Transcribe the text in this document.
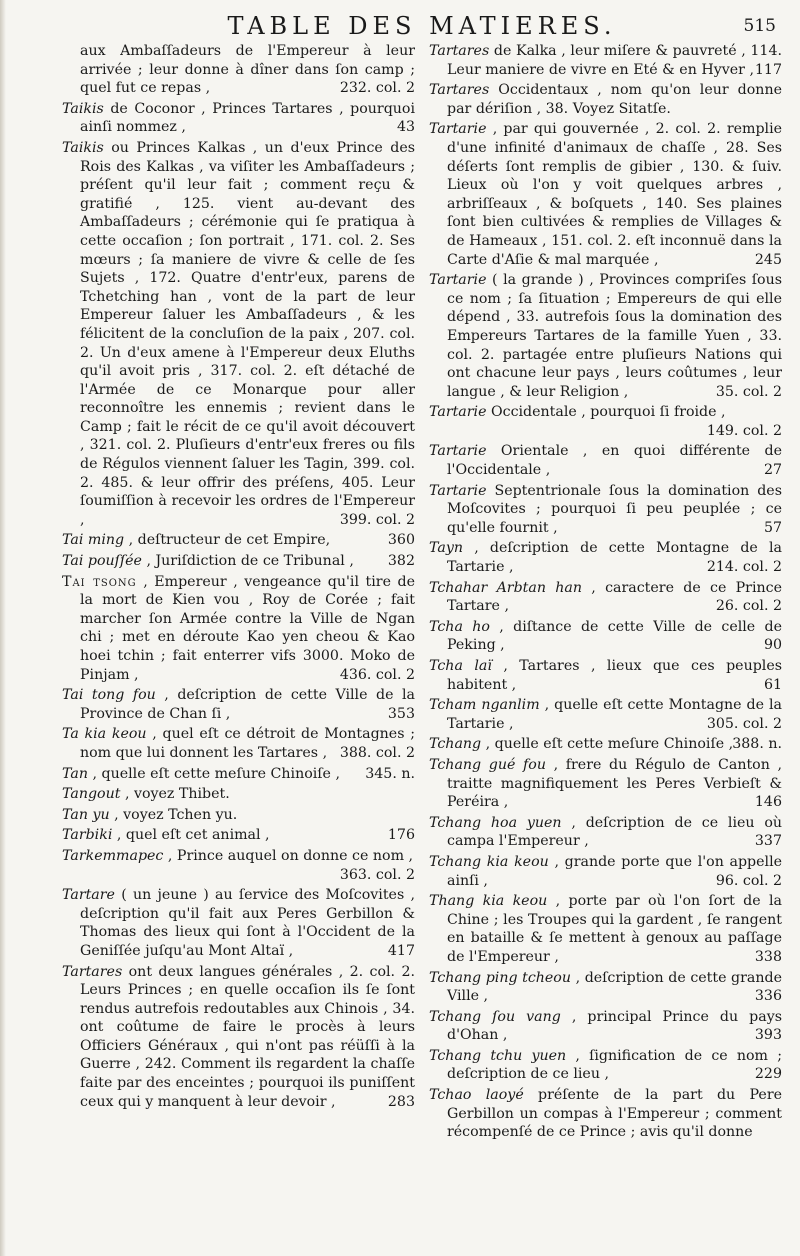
TABLE DES MATIERES.	515

aux Ambaſſadeurs de l'Empereur à leur arrivée ; leur donne à dîner dans ſon camp ; quel fut ce repas ,	232. col. 2

Taikis de Coconor , Princes Tartares , pourquoi ainſi nommez ,	43

Taikis ou Princes Kalkas , un d'eux Prince des Rois des Kalkas , va viſiter les Ambaſſadeurs ; préſent qu'il leur fait ; comment reçu & gratifié , 125. vient au-devant des Ambaſſadeurs ; cérémonie qui ſe pratiqua à cette occaſion ; ſon portrait , 171. col. 2. Ses mœurs ; ſa maniere de vivre & celle de ſes Sujets , 172. Quatre d'entr'eux, parens de Tchetching han , vont de la part de leur Empereur ſaluer les Ambaſſadeurs , & les félicitent de la concluſion de la paix , 207. col. 2. Un d'eux amene à l'Empereur deux Eluths qu'il avoit pris , 317. col. 2. eſt détaché de l'Armée de ce Monarque pour aller reconnoître les ennemis ; revient dans le Camp ; fait le récit de ce qu'il avoit découvert , 321. col. 2. Pluſieurs d'entr'eux freres ou fils de Régulos viennent ſaluer les Tagin, 399. col. 2. 485. & leur offrir des préſens, 405. Leur ſoumiſſion à recevoir les ordres de l'Empereur ,	399. col. 2

Tai ming , deſtructeur de cet Empire,	360

Tai pouſſée , Juriſdiction de ce Tribunal , 382

Tai tsong , Empereur , vengeance qu'il tire de la mort de Kien vou , Roy de Corée ; fait marcher ſon Armée contre la Ville de Ngan chi ; met en déroute Kao yen cheou & Kao hoei tchin ; fait enterrer vifs 3000. Moko de Pinjam ,	436. col. 2

Tai tong fou , deſcription de cette Ville de la Province de Chan ſi ,	353

Ta kia keou , quel eſt ce détroit de Montagnes ; nom que lui donnent les Tartares , 388. col. 2

Tan , quelle eſt cette meſure Chinoiſe , 345. n.

Tangout , voyez Thibet.

Tan yu , voyez Tchen yu.

Tarbiki , quel eſt cet animal ,	176

Tarkemmapec , Prince auquel on donne ce nom ,
363. col. 2

Tartare ( un jeune ) au ſervice des Moſcovites , deſcription qu'il fait aux Peres Gerbillon & Thomas des lieux qui ſont à l'Occident de la Geniſſée juſqu'au Mont Altaï ,	417

Tartares ont deux langues générales , 2. col. 2. Leurs Princes ; en quelle occaſion ils ſe ſont rendus autrefois redoutables aux Chinois , 34. ont coûtume de faire le procès à leurs Officiers Généraux , qui n'ont pas réüſſi à la Guerre , 242. Comment ils regardent la chaſſe faite par des enceintes ; pourquoi ils puniſſent ceux qui y manquent à leur devoir ,	283

Tartares de Kalka , leur miſere & pauvreté , 114. Leur maniere de vivre en Eté & en Hyver , 117

Tartares Occidentaux , nom qu'on leur donne par dériſion , 38. Voyez Sitatſe.

Tartarie , par qui gouvernée , 2. col. 2. remplie d'une infinité d'animaux de chaſſe , 28. Ses déſerts ſont remplis de gibier , 130. & ſuiv. Lieux où l'on y voit quelques arbres , arbriſſeaux , & boſquets , 140. Ses plaines ſont bien cultivées & remplies de Villages & de Hameaux , 151. col. 2. eſt inconnuë dans la Carte d'Aſie & mal marquée ,	245

Tartarie ( la grande ) , Provinces compriſes ſous ce nom ; ſa ſituation ; Empereurs de qui elle dépend , 33. autrefois ſous la domination des Empereurs Tartares de la famille Yuen , 33. col. 2. partagée entre pluſieurs Nations qui ont chacune leur pays , leurs coûtumes , leur langue , & leur Religion ,	35. col. 2

Tartarie Occidentale , pourquoi ſi froide ,
149. col. 2

Tartarie Orientale , en quoi différente de l'Occidentale ,	27

Tartarie Septentrionale ſous la domination des Moſcovites ; pourquoi ſi peu peuplée ; ce qu'elle fournit ,	57

Tayn , deſcription de cette Montagne de la Tartarie ,	214. col. 2

Tchahar Arbtan han , caractere de ce Prince Tartare ,	26. col. 2

Tcha ho , diſtance de cette Ville de celle de Peking ,	90

Tcha laï , Tartares , lieux que ces peuples habitent ,	61

Tcham nganlim , quelle eſt cette Montagne de la Tartarie ,	305. col. 2

Tchang , quelle eſt cette meſure Chinoiſe , 388. n.

Tchang gué fou , frere du Régulo de Canton , traitte magnifiquement les Peres Verbieſt & Peréira ,	146

Tchang hoa yuen , deſcription de ce lieu où campa l'Empereur ,	337

Tchang kia keou , grande porte que l'on appelle ainſi ,	96. col. 2

Thang kia keou , porte par où l'on ſort de la Chine ; les Troupes qui la gardent , ſe rangent en bataille & ſe mettent à genoux au paſſage de l'Empereur ,	338

Tchang ping tcheou , deſcription de cette grande Ville ,	336

Tchang ſou vang , principal Prince du pays d'Ohan ,	393

Tchang tchu yuen , ſignification de ce nom ; deſcription de ce lieu ,	229

Tchao laoyé préſente de la part du Pere Gerbillon un compas à l'Empereur ; comment récompenſé de ce Prince ; avis qu'il donne
